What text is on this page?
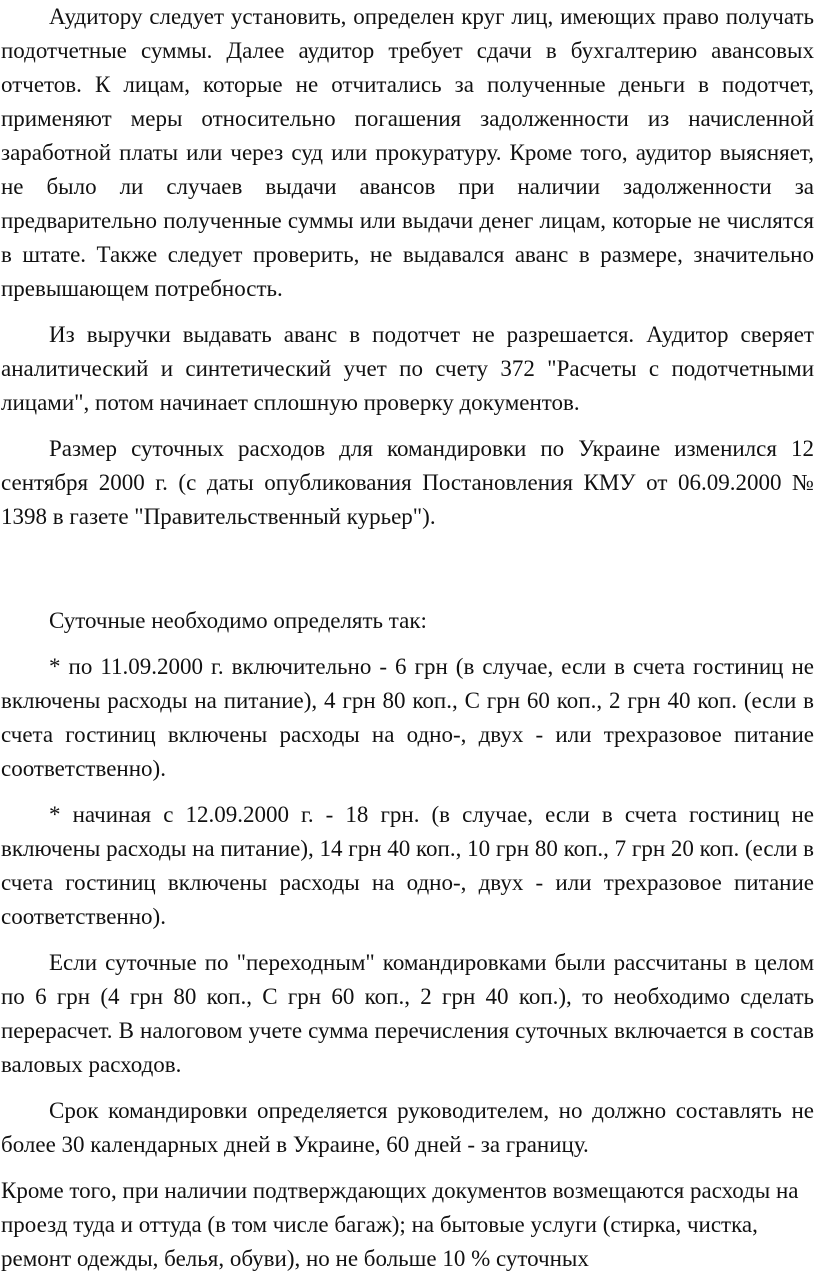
Аудитору следует установить, определен круг лиц, имеющих право получать подотчетные суммы. Далее аудитор требует сдачи в бухгалтерию авансовых отчетов. К лицам, которые не отчитались за полученные деньги в подотчет, применяют меры относительно погашения задолженности из начисленной заработной платы или через суд или прокуратуру. Кроме того, аудитор выясняет, не было ли случаев выдачи авансов при наличии задолженности за предварительно полученные суммы или выдачи денег лицам, которые не числятся в штате. Также следует проверить, не выдавался аванс в размере, значительно превышающем потребность.

Из выручки выдавать аванс в подотчет не разрешается. Аудитор сверяет аналитический и синтетический учет по счету 372 "Расчеты с подотчетными лицами", потом начинает сплошную проверку документов.

Размер суточных расходов для командировки по Украине изменился 12 сентября 2000 г. (с даты опубликования Постановления КМУ от 06.09.2000 № 1398 в газете "Правительственный курьер").

Суточные необходимо определять так:

* по 11.09.2000 г. включительно - 6 грн (в случае, если в счета гостиниц не включены расходы на питание), 4 грн 80 коп., С грн 60 коп., 2 грн 40 коп. (если в счета гостиниц включены расходы на одно-, двух - или трехразовое питание соответственно).

* начиная с 12.09.2000 г. - 18 грн. (в случае, если в счета гостиниц не включены расходы на питание), 14 грн 40 коп., 10 грн 80 коп., 7 грн 20 коп. (если в счета гостиниц включены расходы на одно-, двух - или трехразовое питание соответственно).

Если суточные по "переходным" командировками были рассчитаны в целом по 6 грн (4 грн 80 коп., С грн 60 коп., 2 грн 40 коп.), то необходимо сделать перерасчет. В налоговом учете сумма перечисления суточных включается в состав валовых расходов.

Срок командировки определяется руководителем, но должно составлять не более 30 календарных дней в Украине, 60 дней - за границу.

Кроме того, при наличии подтверждающих документов возмещаются расходы на проезд туда и оттуда (в том числе багаж); на бытовые услуги (стирка, чистка, ремонт одежды, белья, обуви), но не больше 10 % суточных
